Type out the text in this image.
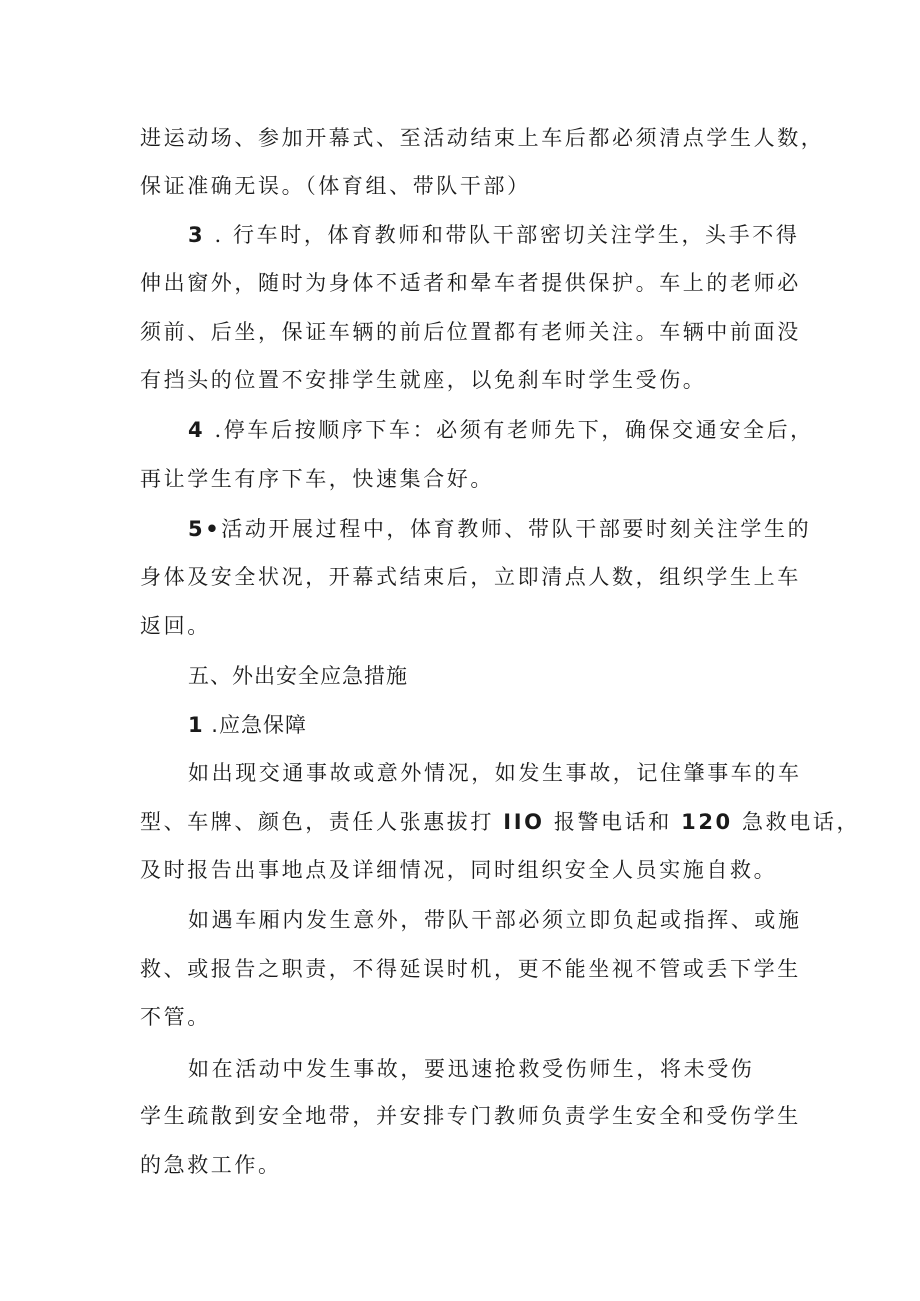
进运动场、参加开幕式、至活动结束上车后都必须清点学生人数，
保证准确无误。（体育组、带队干部）
3 . 行车时，体育教师和带队干部密切关注学生，头手不得
伸出窗外，随时为身体不适者和晕车者提供保护。车上的老师必
须前、后坐，保证车辆的前后位置都有老师关注。车辆中前面没
有挡头的位置不安排学生就座，以免刹车时学生受伤。
4 .停车后按顺序下车：必须有老师先下，确保交通安全后，
再让学生有序下车，快速集合好。
5•活动开展过程中，体育教师、带队干部要时刻关注学生的
身体及安全状况，开幕式结束后，立即清点人数，组织学生上车
返回。
五、外出安全应急措施
1 .应急保障
如出现交通事故或意外情况，如发生事故，记住肇事车的车
型、车牌、颜色，责任人张惠拔打 IIO 报警电话和 120 急救电话，
及时报告出事地点及详细情况，同时组织安全人员实施自救。
如遇车厢内发生意外，带队干部必须立即负起或指挥、或施
救、或报告之职责，不得延误时机，更不能坐视不管或丢下学生
不管。
如在活动中发生事故，要迅速抢救受伤师生，将未受伤
学生疏散到安全地带，并安排专门教师负责学生安全和受伤学生
的急救工作。
